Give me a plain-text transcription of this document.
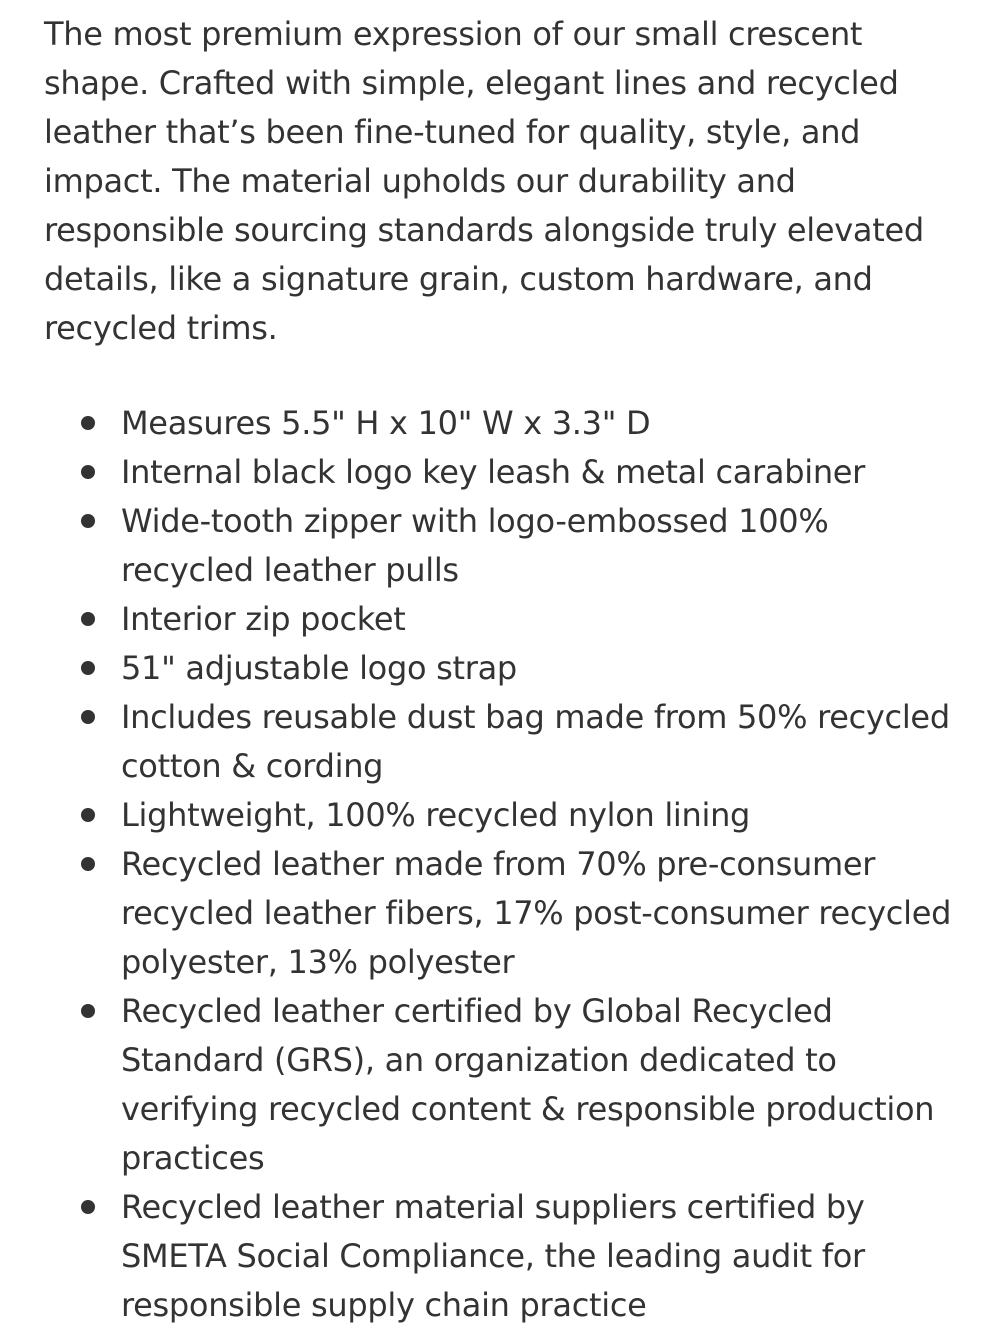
The most premium expression of our small crescent shape. Crafted with simple, elegant lines and recycled leather that’s been fine-tuned for quality, style, and impact. The material upholds our durability and responsible sourcing standards alongside truly elevated details, like a signature grain, custom hardware, and recycled trims.

Measures 5.5" H x 10" W x 3.3" D
Internal black logo key leash & metal carabiner
Wide-tooth zipper with logo-embossed 100% recycled leather pulls
Interior zip pocket
51" adjustable logo strap
Includes reusable dust bag made from 50% recycled cotton & cording
Lightweight, 100% recycled nylon lining
Recycled leather made from 70% pre-consumer recycled leather fibers, 17% post-consumer recycled polyester, 13% polyester
Recycled leather certified by Global Recycled Standard (GRS), an organization dedicated to verifying recycled content & responsible production practices
Recycled leather material suppliers certified by SMETA Social Compliance, the leading audit for responsible supply chain practice
